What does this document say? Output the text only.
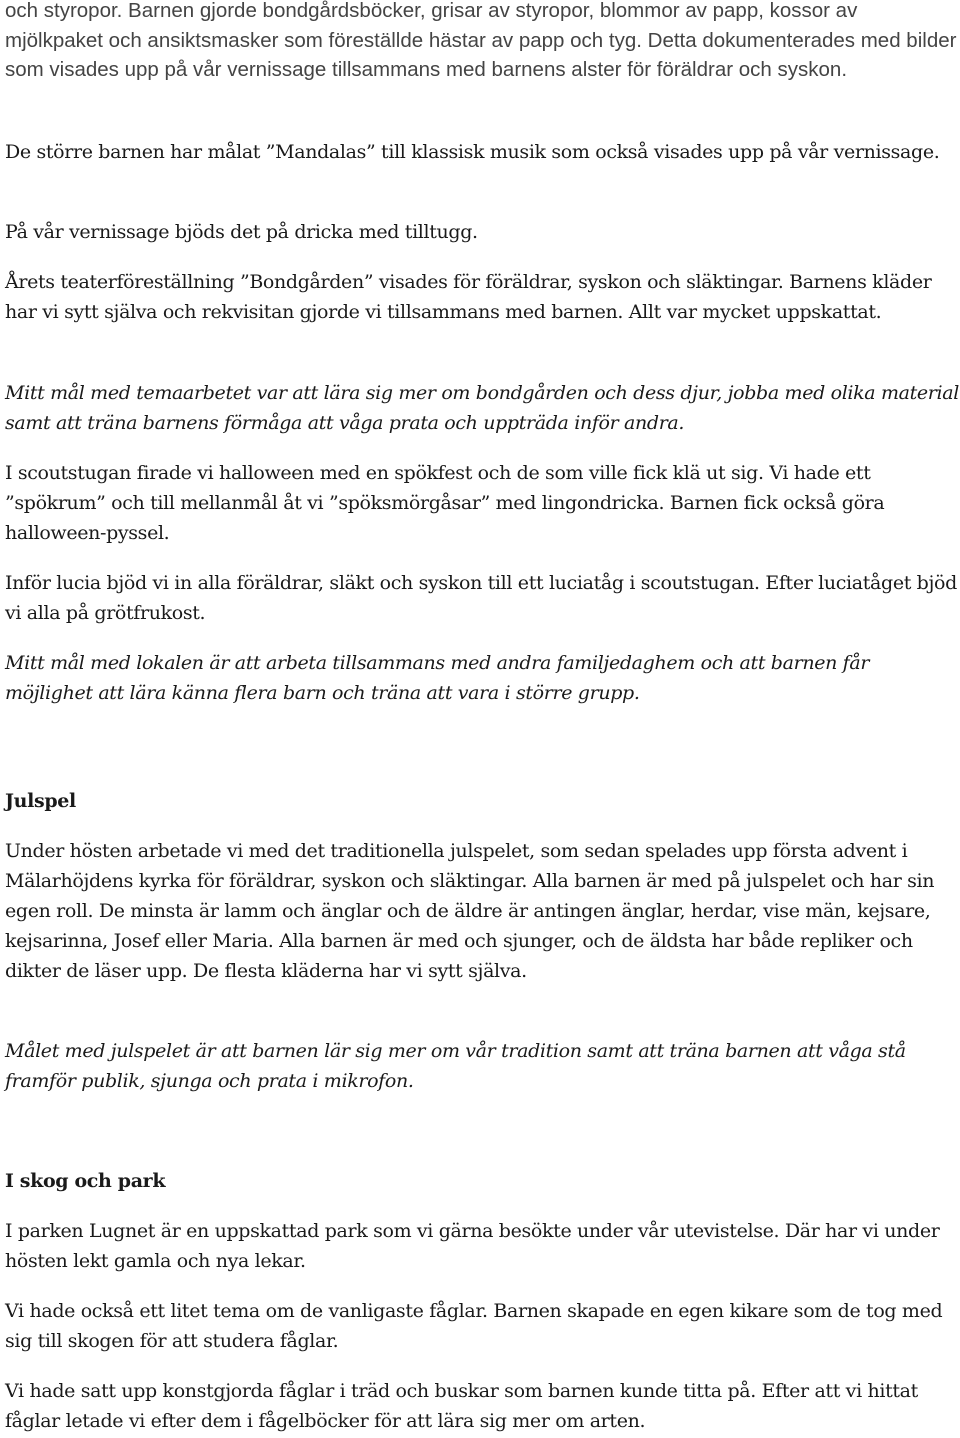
och styropor. Barnen gjorde bondgårdsböcker, grisar av styropor, blommor av papp, kossor av mjölkpaket och ansiktsmasker som föreställde hästar av papp och tyg. Detta dokumenterades med bilder som visades upp på vår vernissage tillsammans med barnens alster för föräldrar och syskon.

De större barnen har målat ”Mandalas” till klassisk musik som också visades upp på vår vernissage.

På vår vernissage bjöds det på dricka med tilltugg.

Årets teaterföreställning ”Bondgården” visades för föräldrar, syskon och släktingar. Barnens kläder har vi sytt själva och rekvisitan gjorde vi tillsammans med barnen. Allt var mycket uppskattat.

Mitt mål med temaarbetet var att lära sig mer om bondgården och dess djur, jobba med olika material samt att träna barnens förmåga att våga prata och uppträda inför andra.

I scoutstugan firade vi halloween med en spökfest och de som ville fick klä ut sig. Vi hade ett ”spökrum” och till mellanmål åt vi ”spöksmörgåsar” med lingondricka. Barnen fick också göra halloween-pyssel.

Inför lucia bjöd vi in alla föräldrar, släkt och syskon till ett luciatåg i scoutstugan. Efter luciatåget bjöd vi alla på grötfrukost.

Mitt mål med lokalen är att arbeta tillsammans med andra familjedaghem och att barnen får möjlighet att lära känna flera barn och träna att vara i större grupp.

Julspel

Under hösten arbetade vi med det traditionella julspelet, som sedan spelades upp första advent i Mälarhöjdens kyrka för föräldrar, syskon och släktingar. Alla barnen är med på julspelet och har sin egen roll. De minsta är lamm och änglar och de äldre är antingen änglar, herdar, vise män, kejsare, kejsarinna, Josef eller Maria. Alla barnen är med och sjunger, och de äldsta har både repliker och dikter de läser upp. De flesta kläderna har vi sytt själva.

Målet med julspelet är att barnen lär sig mer om vår tradition samt att träna barnen att våga stå framför publik, sjunga och prata i mikrofon.

I skog och park

I parken Lugnet är en uppskattad park som vi gärna besökte under vår utevistelse. Där har vi under hösten lekt gamla och nya lekar.

Vi hade också ett litet tema om de vanligaste fåglar. Barnen skapade en egen kikare som de tog med sig till skogen för att studera fåglar.

Vi hade satt upp konstgjorda fåglar i träd och buskar som barnen kunde titta på. Efter att vi hittat fåglar letade vi efter dem i fågelböcker för att lära sig mer om arten.
